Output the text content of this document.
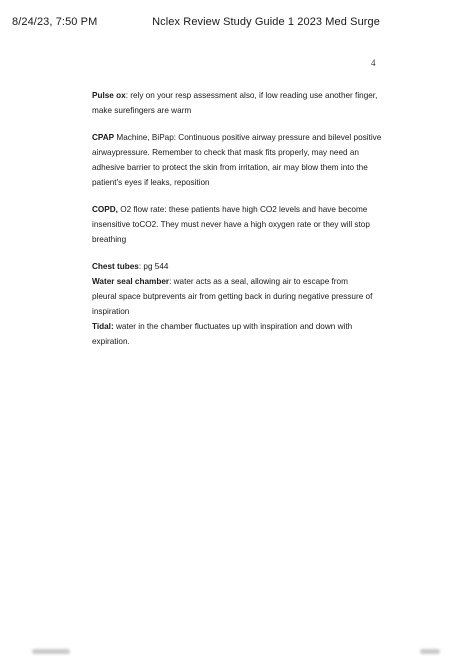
8/24/23, 7:50 PM	Nclex Review Study Guide 1 2023 Med Surge
4

Pulse ox: rely on your resp assessment also, if low reading use another finger,

make surefingers are warm

CPAP Machine, BiPap: Continuous positive airway pressure and bilevel positive

airwaypressure. Remember to check that mask fits properly, may need an

adhesive barrier to protect the skin from irritation, air may blow them into the

patient's eyes if leaks, reposition

COPD, O2 flow rate: these patients have high CO2 levels and have become

insensitive toCO2. They must never have a high oxygen rate or they will stop

breathing

Chest tubes: pg 544

Water seal chamber: water acts as a seal, allowing air to escape from

pleural space butprevents air from getting back in during negative pressure of

inspiration

Tidal: water in the chamber fluctuates up with inspiration and down with

expiration.
